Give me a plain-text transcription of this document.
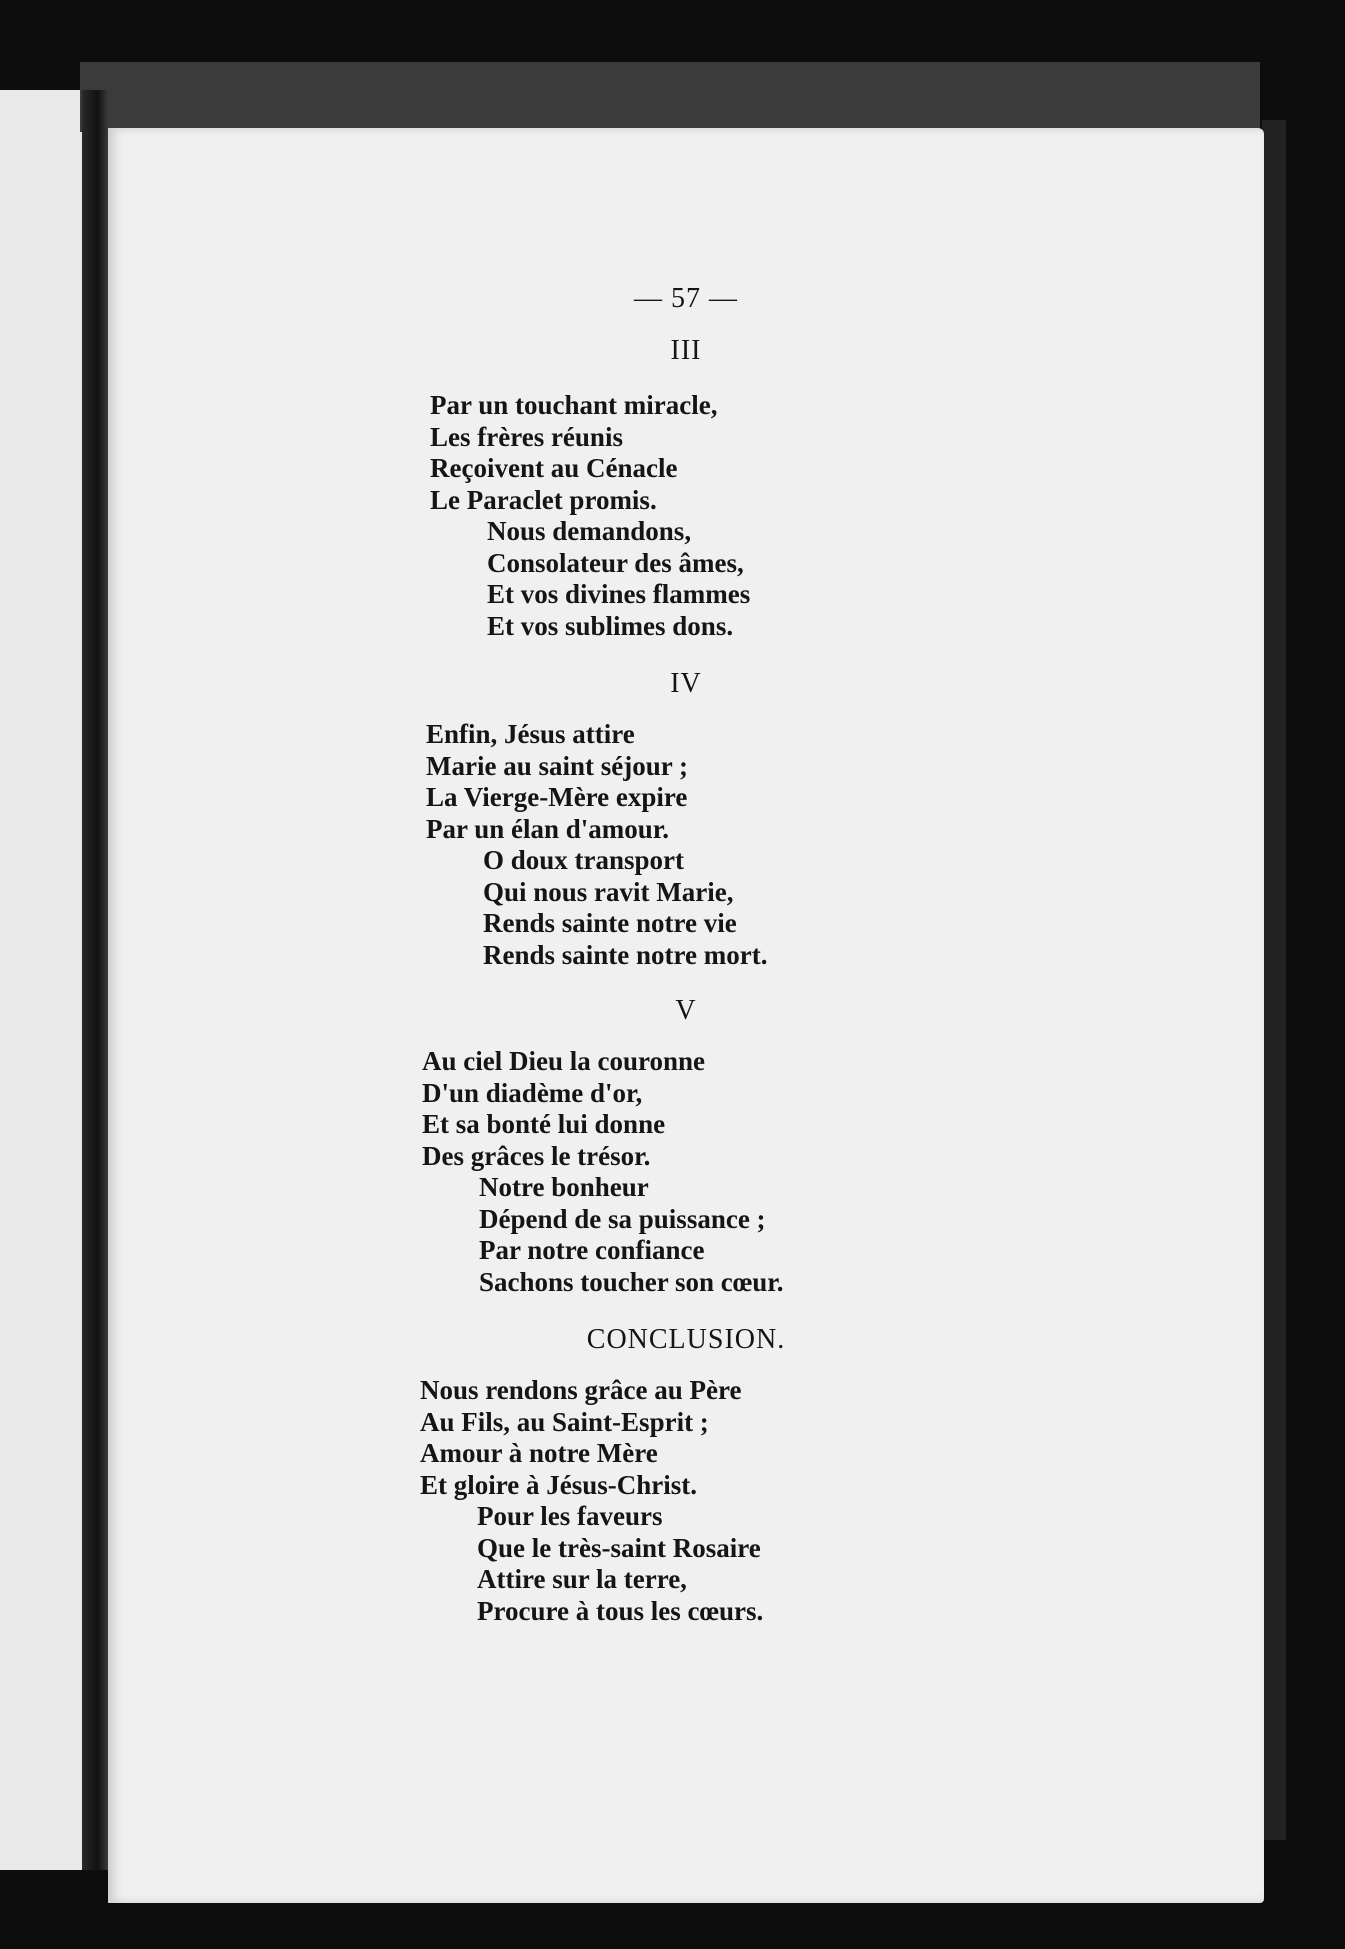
— 57 —
III
Par un touchant miracle,
Les frères réunis
Reçoivent au Cénacle
Le Paraclet promis.
Nous demandons,
Consolateur des âmes,
Et vos divines flammes
Et vos sublimes dons.
IV
Enfin, Jésus attire
Marie au saint séjour ;
La Vierge-Mère expire
Par un élan d'amour.
O doux transport
Qui nous ravit Marie,
Rends sainte notre vie
Rends sainte notre mort.
V
Au ciel Dieu la couronne
D'un diadème d'or,
Et sa bonté lui donne
Des grâces le trésor.
Notre bonheur
Dépend de sa puissance ;
Par notre confiance
Sachons toucher son cœur.
CONCLUSION.
Nous rendons grâce au Père
Au Fils, au Saint-Esprit ;
Amour à notre Mère
Et gloire à Jésus-Christ.
Pour les faveurs
Que le très-saint Rosaire
Attire sur la terre,
Procure à tous les cœurs.
